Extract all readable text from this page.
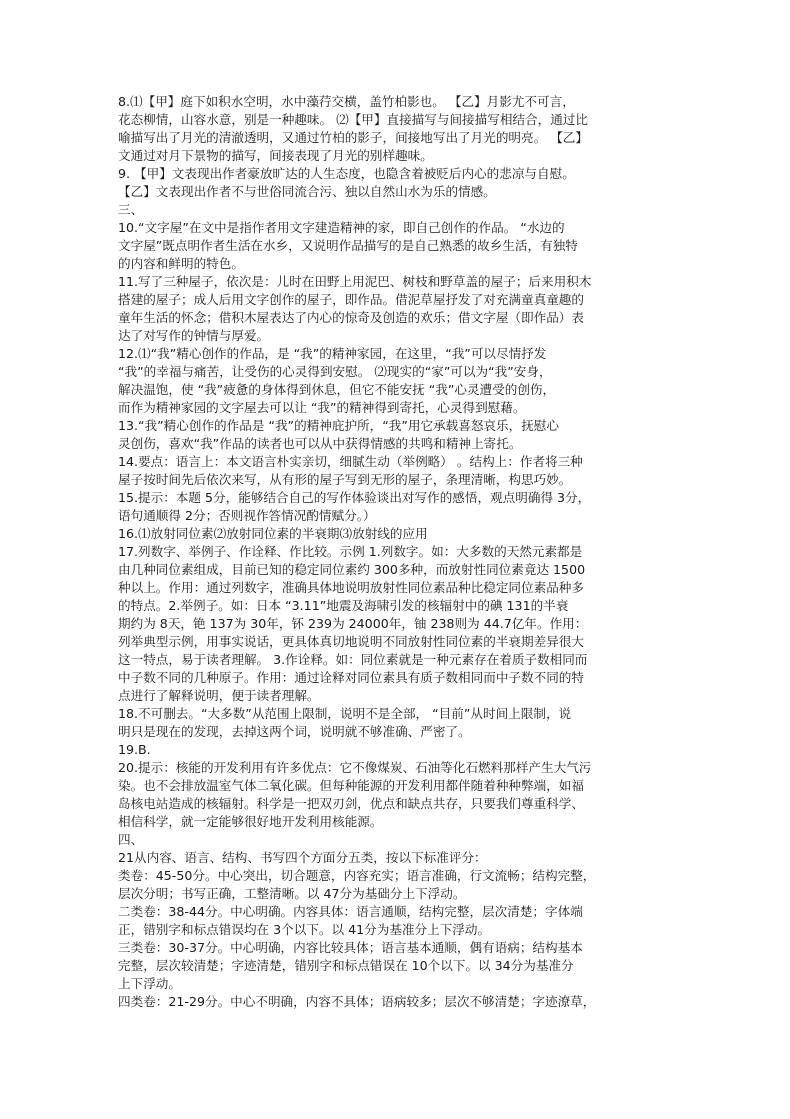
8.⑴【甲】庭下如积水空明，水中藻荇交横，盖竹柏影也。 【乙】月影尤不可言，
花态柳情，山容水意，别是一种趣味。 ⑵【甲】直接描写与间接描写相结合，通过比
喻描写出了月光的清澈透明，又通过竹柏的影子，间接地写出了月光的明亮。 【乙】
文通过对月下景物的描写，间接表现了月光的别样趣味。
9. 【甲】文表现出作者豪放旷达的人生态度，也隐含着被贬后内心的悲凉与自慰。
【乙】文表现出作者不与世俗同流合污、独以自然山水为乐的情感。
三、
10.“文字屋”在文中是指作者用文字建造精神的家，即自己创作的作品。 “水边的
文字屋”既点明作者生活在水乡，又说明作品描写的是自己熟悉的故乡生活，有独特
的内容和鲜明的特色。
11.写了三种屋子，依次是：儿时在田野上用泥巴、树枝和野草盖的屋子；后来用积木
搭建的屋子；成人后用文字创作的屋子，即作品。借泥草屋抒发了对充满童真童趣的
童年生活的怀念；借积木屋表达了内心的惊奇及创造的欢乐；借文字屋（即作品）表
达了对写作的钟情与厚爱。
12.⑴“我”精心创作的作品，是 “我”的精神家园，在这里，“我”可以尽情抒发
“我”的幸福与痛苦，让受伤的心灵得到安慰。 ⑵现实的“家”可以为“我”安身，
解决温饱，使 “我”疲惫的身体得到休息，但它不能安抚 “我”心灵遭受的创伤，
而作为精神家园的文字屋去可以让 “我”的精神得到寄托，心灵得到慰藉。
13.“我”精心创作的作品是 “我”的精神庇护所，“我”用它承载喜怒哀乐，抚慰心
灵创伤，喜欢“我”作品的读者也可以从中获得情感的共鸣和精神上寄托。
14.要点：语言上：本文语言朴实亲切，细腻生动（举例略） 。结构上：作者将三种
屋子按时间先后依次来写，从有形的屋子写到无形的屋子，条理清晰，构思巧妙。
15.提示：本题 5分，能够结合自己的写作体验谈出对写作的感悟，观点明确得 3分，
语句通顺得 2分；否则视作答情况酌情赋分。）
16.⑴放射同位素⑵放射同位素的半衰期⑶放射线的应用
17.列数字、举例子、作诠释、作比较。示例 1.列数字。如：大多数的天然元素都是
由几种同位素组成，目前已知的稳定同位素约 300多种，而放射性同位素竟达 1500
种以上。作用：通过列数字，准确具体地说明放射性同位素品种比稳定同位素品种多
的特点。2.举例子。如：日本 “3.11”地震及海啸引发的核辐射中的碘 131的半衰
期约为 8天，铯 137为 30年，钚 239为 24000年，铀 238则为 44.7亿年。作用：
列举典型示例，用事实说话，更具体真切地说明不同放射性同位素的半衰期差异很大
这一特点，易于读者理解。 3.作诠释。如：同位素就是一种元素存在着质子数相同而
中子数不同的几种原子。作用：通过诠释对同位素具有质子数相同而中子数不同的特
点进行了解释说明，便于读者理解。
18.不可删去。“大多数”从范围上限制，说明不是全部， “目前”从时间上限制，说
明只是现在的发现，去掉这两个词，说明就不够准确、严密了。
19.B.
20.提示：核能的开发利用有许多优点：它不像煤炭、石油等化石燃料那样产生大气污
染。也不会排放温室气体二氧化碳。但每种能源的开发利用都伴随着种种弊端，如福
岛核电站造成的核辐射。科学是一把双刃剑，优点和缺点共存，只要我们尊重科学、
相信科学，就一定能够很好地开发利用核能源。
四、
21从内容、语言、结构、书写四个方面分五类，按以下标准评分：
类卷：45-50分。中心突出，切合题意，内容充实；语言准确，行文流畅；结构完整，
层次分明；书写正确，工整清晰。以 47分为基础分上下浮动。
二类卷：38-44分。中心明确。内容具体：语言通顺，结构完整，层次清楚；字体端
正，错别字和标点错误均在 3个以下。以 41分为基准分上下浮动。
三类卷：30-37分。中心明确，内容比较具体；语言基本通顺，偶有语病；结构基本
完整，层次较清楚；字迹清楚，错别字和标点错误在 10个以下。以 34分为基准分
上下浮动。
四类卷：21-29分。中心不明确，内容不具体；语病较多；层次不够清楚；字迹潦草，
